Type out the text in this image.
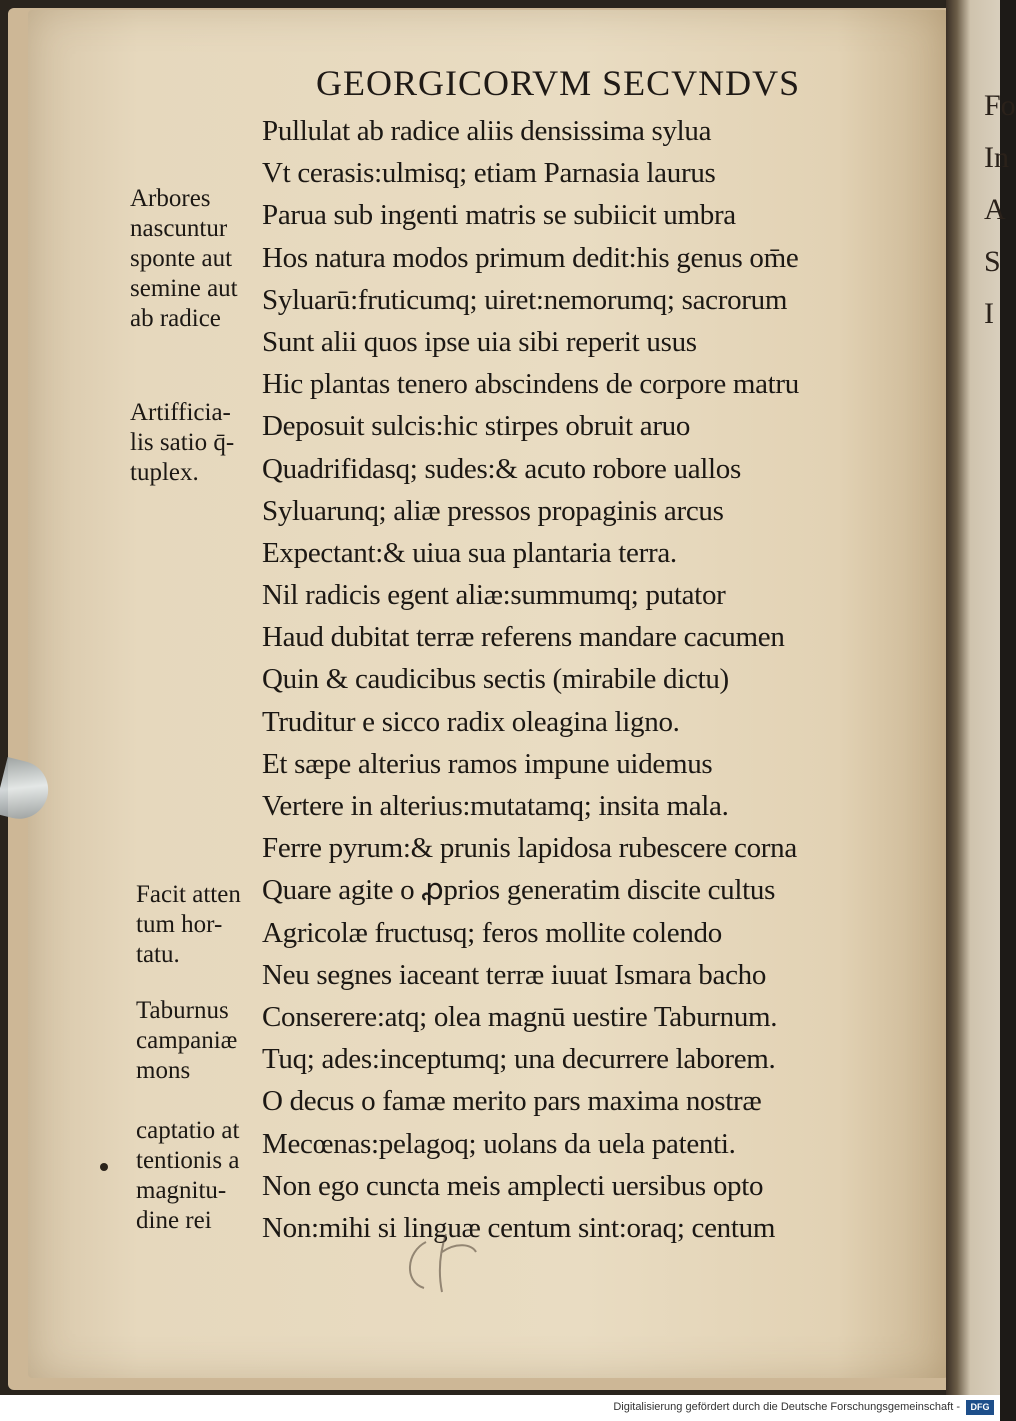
Fo
In
A
S
I
GEORGICORVM SECVNDVS
Pullulat ab radice aliis densissima sylua
Vt cerasis:ulmisq; etiam Parnasia laurus
Parua sub ingenti matris se subiicit umbra
Hos natura modos primum dedit:his genus om̄e
Syluarū:fruticumq; uiret:nemorumq; sacrorum
Sunt alii quos ipse uia sibi reperit usus
Hic plantas tenero abscindens de corpore matru
Deposuit sulcis:hic stirpes obruit aruo
Quadrifidasq; sudes:& acuto robore uallos
Syluarunq; aliæ pressos propaginis arcus
Expectant:& uiua sua plantaria terra.
Nil radicis egent aliæ:summumq; putator
Haud dubitat terræ referens mandare cacumen
Quin & caudicibus sectis (mirabile dictu)
Truditur e sicco radix oleagina ligno.
Et sæpe alterius ramos impune uidemus
Vertere in alterius:mutatamq; insita mala.
Ferre pyrum:& prunis lapidosa rubescere corna
Quare agite o ꝓprios generatim discite cultus
Agricolæ fructusq; feros mollite colendo
Neu segnes iaceant terræ iuuat Ismara bacho
Conserere:atq; olea magnū uestire Taburnum.
Tuq; ades:inceptumq; una decurrere laborem.
O decus o famæ merito pars maxima nostræ
Mecœnas:pelagoq; uolans da uela patenti.
Non ego cuncta meis amplecti uersibus opto
Non:mihi si linguæ centum sint:oraq; centum
Arbores
nascuntur
sponte aut
semine aut
ab radice
Artifficia-
lis satio q̄-
tuplex.
Facit atten
tum hor-
tatu.
Taburnus
campaniæ
mons
captatio at
tentionis a
magnitu-
dine rei
Digitalisierung gefördert durch die Deutsche Forschungsgemeinschaft -	DFG
